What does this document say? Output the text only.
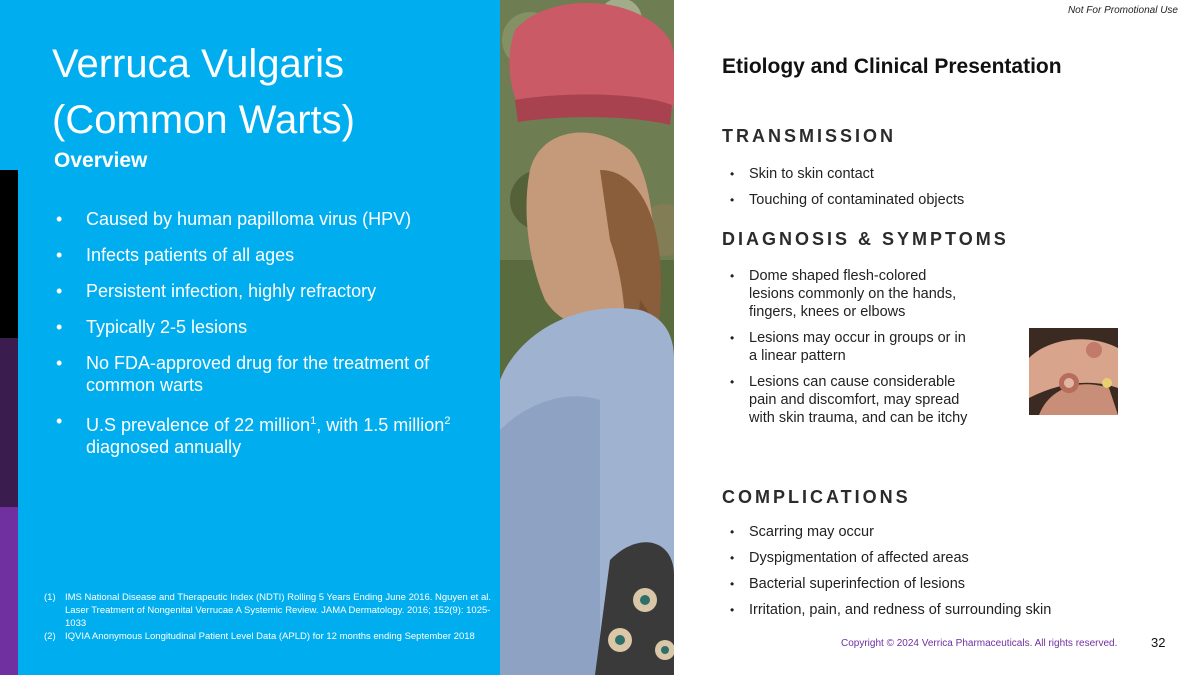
Verruca Vulgaris (Common Warts)
Overview
• Caused by human papilloma virus (HPV)
• Infects patients of all ages
• Persistent infection, highly refractory
• Typically 2-5 lesions
• No FDA-approved drug for the treatment of common warts
• U.S prevalence of 22 million$^1$, with 1.5 million$^2$ diagnosed annually
(1) IMS National Disease and Therapeutic Index (NDTI) Rolling 5 Years Ending June 2016. Nguyen et al. Laser Treatment of Nongenital Verrucae A Systemic Review. JAMA Dermatology. 2016; 152(9): 1025-1033
(2) IQVIA Anonymous Longitudinal Patient Level Data (APLD) for 12 months ending September 2018
Not For Promotional Use
Etiology and Clinical Presentation
TRANSMISSION
• Skin to skin contact
• Touching of contaminated objects
DIAGNOSIS & SYMPTOMS
• Dome shaped flesh-colored lesions commonly on the hands, fingers, knees or elbows
• Lesions may occur in groups or in a linear pattern
• Lesions can cause considerable pain and discomfort, may spread with skin trauma, and can be itchy
COMPLICATIONS
• Scarring may occur
• Dyspigmentation of affected areas
• Bacterial superinfection of lesions
• Irritation, pain, and redness of surrounding skin
Copyright © 2024 Verrica Pharmaceuticals. All rights reserved.	32
